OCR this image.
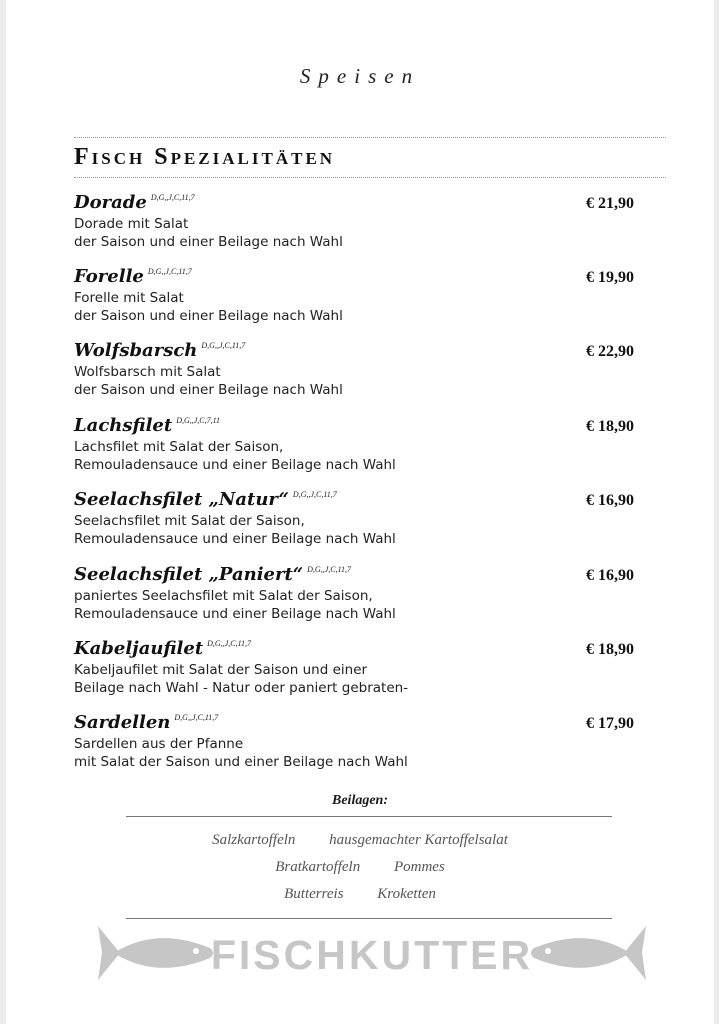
Speisen
Fisch Spezialitäten
Dorade $^{D,G,,J,C,11,7}$	€ 21,90
Dorade mit Salat
der Saison und einer Beilage nach Wahl
Forelle $^{D,G,,J,C,11,7}$	€ 19,90
Forelle mit Salat
der Saison und einer Beilage nach Wahl
Wolfsbarsch $^{D,G,,J,C,11,7}$	€ 22,90
Wolfsbarsch mit Salat
der Saison und einer Beilage nach Wahl
Lachsfilet $^{D,G,,J,C,7,11}$	€ 18,90
Lachsfilet mit Salat der Saison,
Remouladensauce und einer Beilage nach Wahl
Seelachsfilet „Natur“ $^{D,G,,J,C,11,7}$	€ 16,90
Seelachsfilet mit Salat der Saison,
Remouladensauce und einer Beilage nach Wahl
Seelachsfilet „Paniert“ $^{D,G,,J,C,11,7}$	€ 16,90
paniertes Seelachsfilet mit Salat der Saison,
Remouladensauce und einer Beilage nach Wahl
Kabeljaufilet $^{D,G,,J,C,11,7}$	€ 18,90
Kabeljaufilet mit Salat der Saison und einer
Beilage nach Wahl - Natur oder paniert gebraten-
Sardellen $^{D,G,,J,C,11,7}$	€ 17,90
Sardellen aus der Pfanne
mit Salat der Saison und einer Beilage nach Wahl
Beilagen:
Salzkartoffeln hausgemachter Kartoffelsalat
Bratkartoffeln Pommes
Butterreis Kroketten
FISCHKUTTER
